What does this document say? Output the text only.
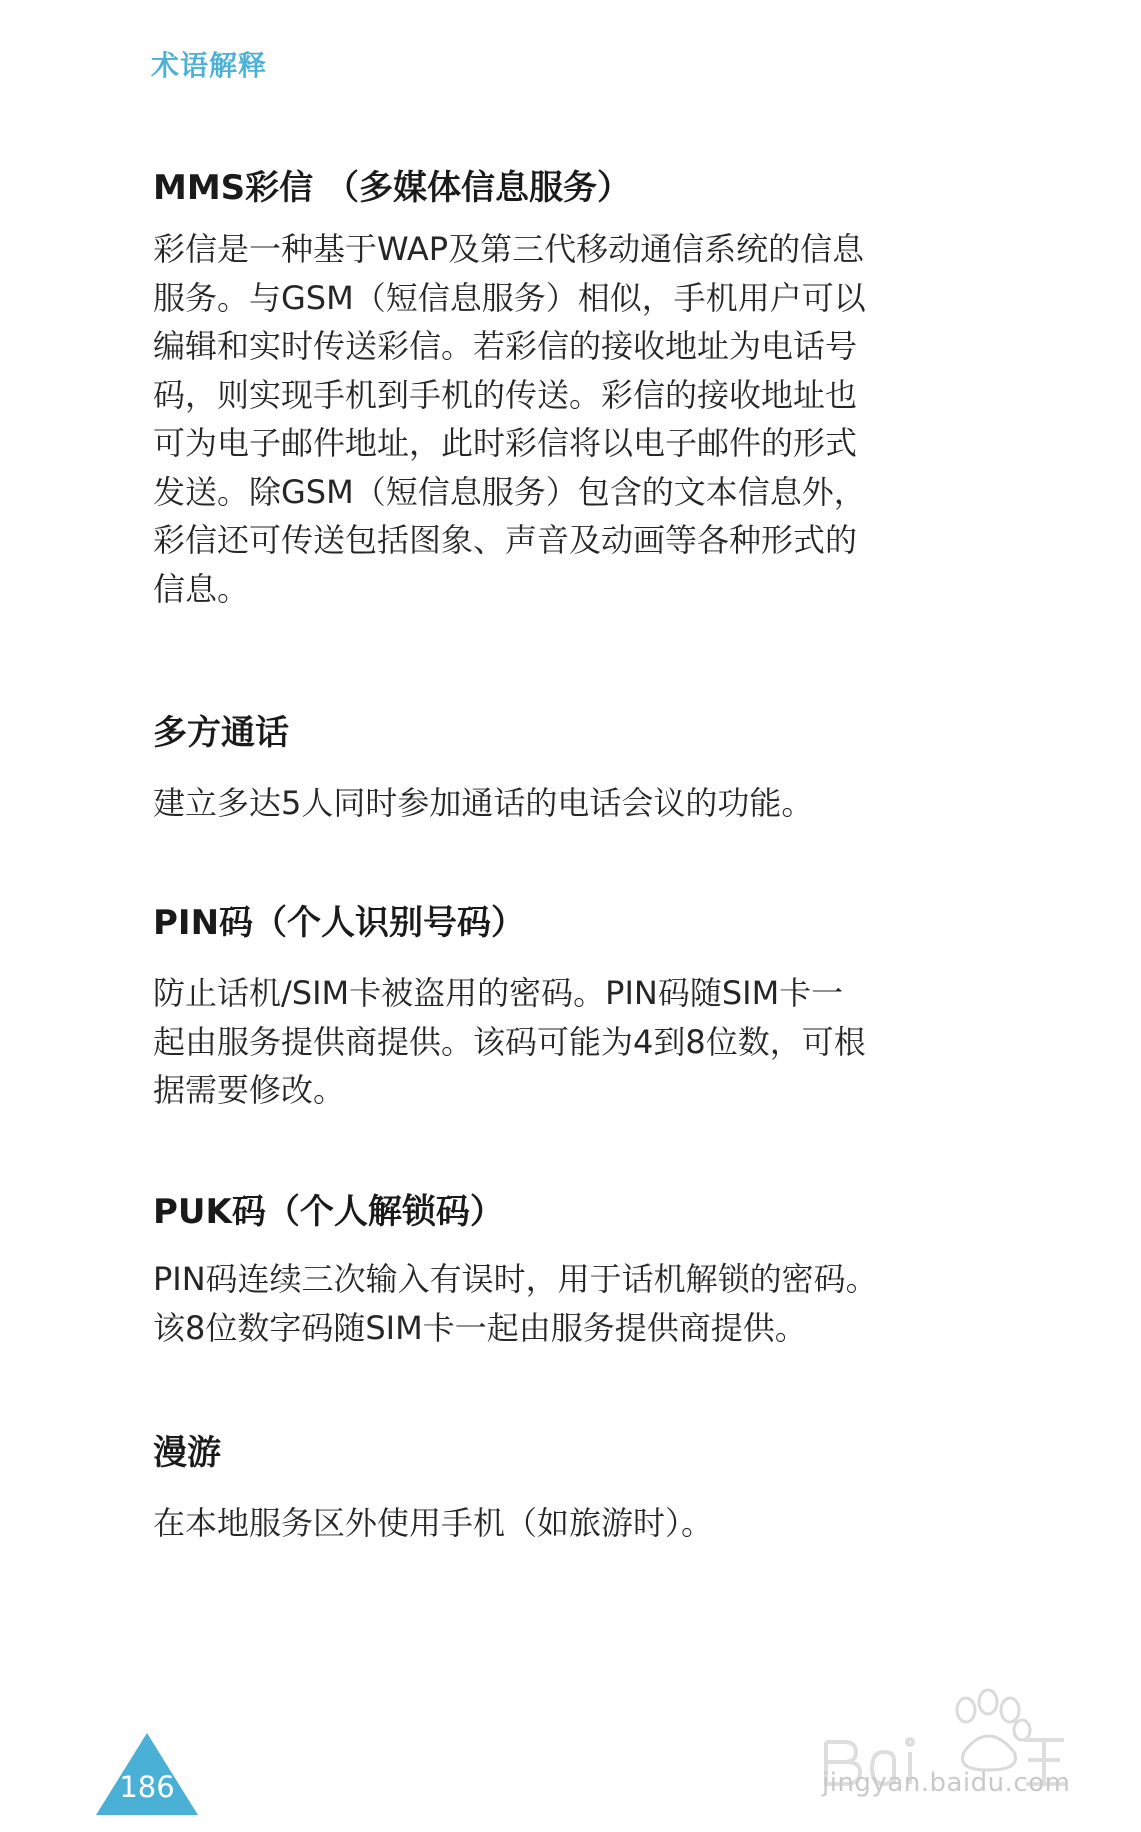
术语解释
MMS彩信 （多媒体信息服务）

彩信是一种基于WAP及第三代移动通信系统的信息
服务。与GSM（短信息服务）相似，手机用户可以
编辑和实时传送彩信。若彩信的接收地址为电话号
码，则实现手机到手机的传送。彩信的接收地址也
可为电子邮件地址，此时彩信将以电子邮件的形式
发送。除GSM（短信息服务）包含的文本信息外，
彩信还可传送包括图象、声音及动画等各种形式的
信息。

多方通话

建立多达5人同时参加通话的电话会议的功能。

PIN码（个人识别号码）

防止话机/SIM卡被盗用的密码。PIN码随SIM卡一
起由服务提供商提供。该码可能为4到8位数，可根
据需要修改。

PUK码（个人解锁码）

PIN码连续三次输入有误时，用于话机解锁的密码。
该8位数字码随SIM卡一起由服务提供商提供。

漫游

在本地服务区外使用手机（如旅游时）。

186	jingyan.baidu.com
